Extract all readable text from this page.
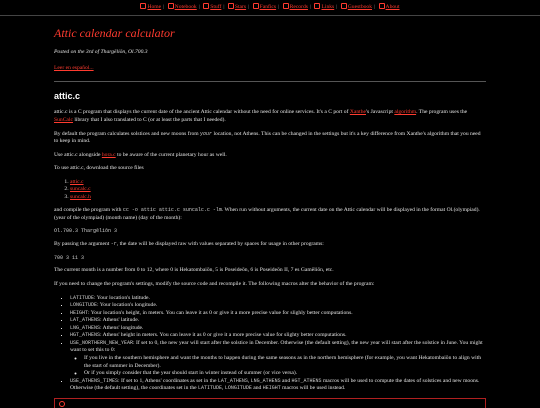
Home | Notebook | Stuff | Stars | Fanfics | Records | Links | Guestbook | About
Attic calendar calculator

Posted on the 3rd of Thargēliōn, Ol.700.3

Leer en español...

attic.c

attic.c is a C program that displays the current date of the ancient Attic calendar without the need for online services. It's a C port of Xanthe's Javascript algorithm. The program uses the SunCalc library that I also translated to C (or at least the parts that I needed).

By default the program calculates solstices and new moons from your location, not Athens. This can be changed in the settings but it's a key difference from Xanthe's algorithm that you need to keep in mind.

Use attic.c alongside hora.c to be aware of the current planetary hour as well.

To use attic.c, download the source files

1. attic.c
2. suncalc.c
3. suncalc.h

and compile the program with cc -o attic attic.c suncalc.c -lm. When run without arguments, the current date on the Attic calendar will be displayed in the format Ol.(olympiad).(year of the olympiad) (month name) (day of the month):

Ol.700.3 Thargēliōn 3

By passing the argument -r, the date will be displayed raw with values separated by spaces for usage in other programs:

700 3 11 3

The current month is a number from 0 to 12, where 0 is Hekatombaiōn, 5 is Poseideōn, 6 is Poseideōn II, 7 es Gamēliōn, etc.

If you need to change the program's settings, modify the source code and recompile it. The following macros alter the behavior of the program:

▪ LATITUDE: Your location's latitude.
▪ LONGITUDE: Your location's longitude.
▪ HEIGHT: Your location's height, in meters. You can leave it as 0 or give it a more precise value for slighly better computations.
▪ LAT_ATHENS: Athens' latitude.
▪ LNG_ATHENS: Athens' longitude.
▪ HGT_ATHENS: Athens' height in meters. You can leave it as 0 or give it a more precise value for slighty better computations.
▪ USE_NORTHERN_NEW_YEAR: If set to 0, the new year will start after the solstice in December. Otherwise (the default setting), the new year will start after the solstice in June. You might want to set this to 0:
◦ If you live in the southern hemisphere and want the months to happen during the same seasons as in the northern hemisphere (for example, you want Hekatombaiōn to align with the start of summer in December).
◦ Or if you simply consider that the year should start in winter instead of summer (or vice versa).
▪ USE_ATHENS_TIMES: If set to 1, Athens' coordinates as set in the LAT_ATHENS, LNG_ATHENS and HGT_ATHENS macros will be used to compute the dates of solstices and new moons. Otherwise (the default setting), the coordinates set in the LATITUDE, LONGITUDE and HEIGHT macros will be used instead.
